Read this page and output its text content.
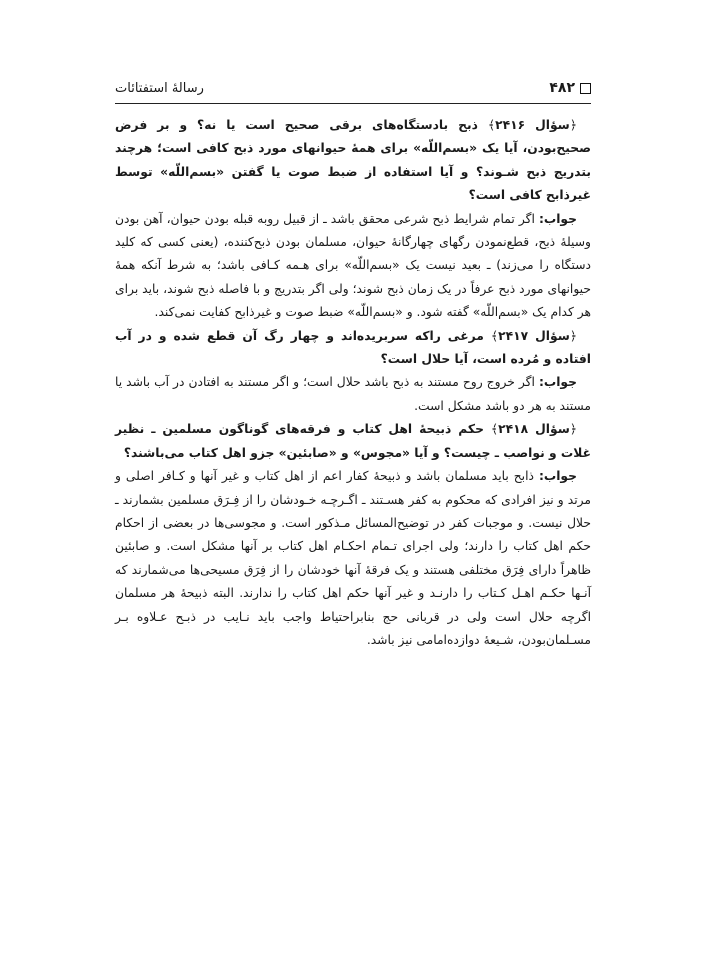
۴۸۲
رسالهٔ استفتائات

﴿سؤال ۲۴۱۶﴾ ذبح بادستگاه‌های برقی صحیح است یا نه؟ و بر فرض صحیح‌بودن، آیا یک «بسم‌اللّه» برای همهٔ حیوانهای مورد ذبح کافی است؛ هرچند بتدریج ذبح شـوند؟ و آیا استفاده از ضبط صوت یا گفتن «بسم‌اللّه» توسط غیرذابح کافی است؟

جواب: اگر تمام شرایط ذبح شرعی محقق باشد ـ از قبیل روبه قبله بودن حیوان، آهن بودن وسیلهٔ ذبح، قطع‌نمودن رگهای چهارگانهٔ حیوان، مسلمان بودن ذبح‌کننده، (یعنی کسی که کلید دستگاه را می‌زند) ـ بعید نیست یک «بسم‌اللّه» برای هـمه کـافی باشد؛ به شرط آنکه همهٔ حیوانهای مورد ذبح عرفاً در یک زمان ذبح شوند؛ ولی اگر بتدریج و با فاصله ذبح شوند، باید برای هر کدام یک «بسم‌اللّه» گفته شود. و «بسم‌اللّه» ضبط صوت و غیرذابح کفایت نمی‌کند.

﴿سؤال ۲۴۱۷﴾ مرغی راکه سربریده‌اند و چهار رگ آن قطع شده و در آب افتاده و مُرده است، آیا حلال است؟

جواب: اگر خروج روح مستند به ذبح باشد حلال است؛ و اگر مستند به افتادن در آب باشد یا مستند به هر دو باشد مشکل است.

﴿سؤال ۲۴۱۸﴾ حکم ذبیحهٔ اهل کتاب و فرقه‌های گوناگون مسلمین ـ نظیر غلات و نواصب ـ چیست؟ و آیا «مجوس» و «صابئین» جزو اهل کتاب می‌باشند؟

جواب: ذابح باید مسلمان باشد و ذبیحهٔ کفار اعم از اهل کتاب و غیر آنها و کـافر اصلی و مرتد و نیز افرادی که محکوم به کفر هسـتند ـ اگـرچـه خـودشان را از فِـرَق مسلمین بشمارند ـ حلال نیست. و موجبات کفر در توضیح‌المسائل مـذکور است. و مجوسی‌ها در بعضی از احکام حکم اهل کتاب را دارند؛ ولی اجرای تـمام احکـام اهل کتاب بر آنها مشکل است. و صابئین ظاهراً دارای فِرَق مختلفی هستند و یک فرقهٔ آنها خودشان را از فِرَق مسیحی‌ها می‌شمارند که آنـها حکـم اهـل کـتاب را دارنـد و غیر آنها حکم اهل کتاب را ندارند. البته ذبیحهٔ هر مسلمان اگرچه حلال است ولی در قربانی حج بنابراحتیاط واجب باید نـایب در ذبـح عـلاوه بـر مسـلمان‌بودن، شـیعهٔ دوازده‌امامی نیز باشد.
